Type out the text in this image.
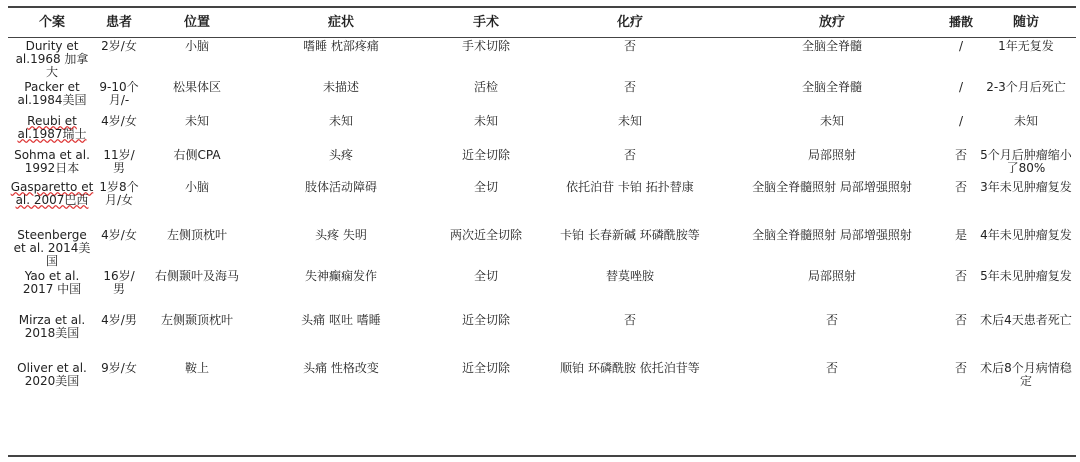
个案	患者	位置	症状	手术	化疗	放疗	播散	随访
Durity et al.1968 加拿大	2岁/女	小脑	嗜睡 枕部疼痛	手术切除	否	全脑全脊髓	/	1年无复发
Packer et al.1984美国	9-10个月/-	松果体区	未描述	活检	否	全脑全脊髓	/	2-3个月后死亡
Reubi et al.1987瑞士	4岁/女	未知	未知	未知	未知	未知	/	未知
Sohma et al. 1992日本	11岁/男	右侧CPA	头疼	近全切除	否	局部照射	否	5个月后肿瘤缩小了80%
Gasparetto et al. 2007巴西	1岁8个月/女	小脑	肢体活动障碍	全切	依托泊苷 卡铂 拓扑替康	全脑全脊髓照射 局部增强照射	否	3年未见肿瘤复发
Steenberge et al. 2014美国	4岁/女	左侧顶枕叶	头疼 失明	两次近全切除	卡铂 长春新碱 环磷酰胺等	全脑全脊髓照射 局部增强照射	是	4年未见肿瘤复发
Yao et al. 2017 中国	16岁/男	右侧颞叶及海马	失神癫痫发作	全切	替莫唑胺	局部照射	否	5年未见肿瘤复发
Mirza et al. 2018美国	4岁/男	左侧颞顶枕叶	头痛 呕吐 嗜睡	近全切除	否	否	否	术后4天患者死亡
Oliver et al. 2020美国	9岁/女	鞍上	头痛 性格改变	近全切除	顺铂 环磷酰胺 依托泊苷等	否	否	术后8个月病情稳定
